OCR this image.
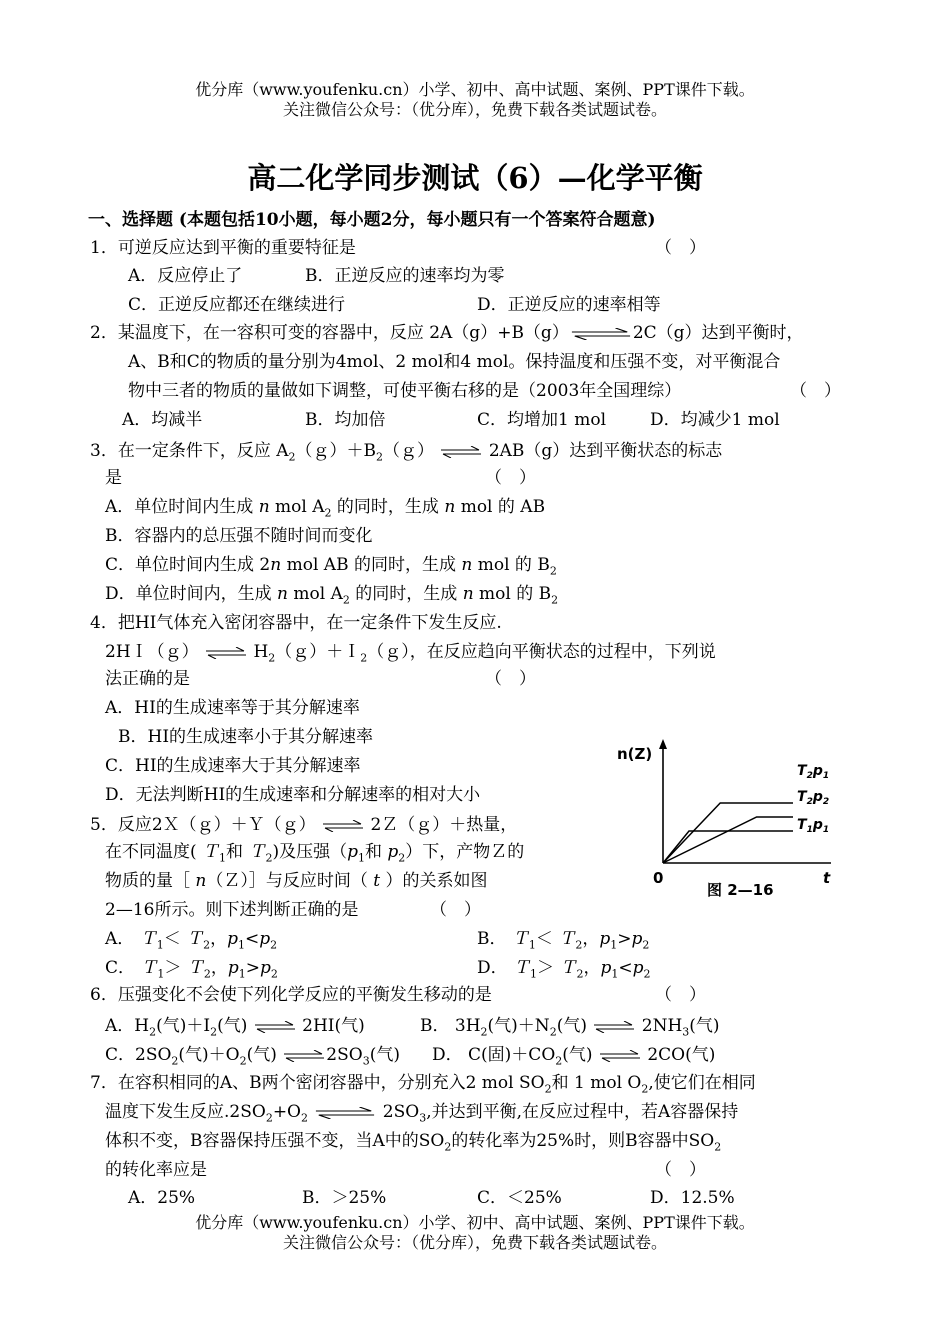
优分库（www.youfenku.cn）小学、初中、高中试题、案例、PPT课件下载。
关注微信公众号：（优分库），免费下载各类试题试卷。
高二化学同步测试（6）—化学平衡
一、选择题 (本题包括10小题，每小题2分，每小题只有一个答案符合题意)
1．可逆反应达到平衡的重要特征是	（　）
A．反应停止了	B．正逆反应的速率均为零
C．正逆反应都还在继续进行	D．正逆反应的速率相等
2．某温度下，在一容积可变的容器中，反应 2A（g）+B（g）	2C（g）达到平衡时，
A、B和C的物质的量分别为4mol、2 mol和4 mol。保持温度和压强不变，对平衡混合
物中三者的物质的量做如下调整，可使平衡右移的是（2003年全国理综）	（　）
A．均减半	B．均加倍	C．均增加1 mol	D．均减少1 mol
3．在一定条件下，反应 $A_2(g)+B_2(g)$	2AB（g）达到平衡状态的标志
是	（　）
A．单位时间内生成 n mol $A_2$ 的同时，生成 n mol 的 AB
B．容器内的总压强不随时间而变化
C．单位时间内生成 2n mol AB 的同时，生成 n mol 的 $B_2$
D．单位时间内，生成 n mol $A_2$ 的同时，生成 n mol 的 $B_2$
4．把HI气体充入密闭容器中，在一定条件下发生反应.
2HＩ（ｇ）	$H_2(g)+I_2(g)$，在反应趋向平衡状态的过程中，下列说
法正确的是	（　）
A．HI的生成速率等于其分解速率
B．HI的生成速率小于其分解速率
C．HI的生成速率大于其分解速率
D．无法判断HI的生成速率和分解速率的相对大小
n(Z)
0	t
$T_2p_1$
$T_2p_2$
$T_1p_1$
图 2—16
5．反应2Ｘ（ｇ）＋Ｙ（ｇ）	2Ｚ（ｇ）＋热量，
在不同温度( Ｔ$_1$和 Ｔ$_2$)及压强（$p_1$和 $p_2$）下，产物Ｚ的
物质的量［ n（Ｚ）］与反应时间（ t ）的关系如图
2—16所示。则下述判断正确的是	（　）
A． Ｔ$_1$＜ Ｔ$_2$，$p_1<p_2$	B． Ｔ$_1$＜ Ｔ$_2$，$p_1>p_2$
C． Ｔ$_1$＞ Ｔ$_2$，$p_1>p_2$	D． Ｔ$_1$＞ Ｔ$_2$，$p_1<p_2$
6．压强变化不会使下列化学反应的平衡发生移动的是	（　）
A．$H_2$(气)$+I_2$(气)	2HI(气)	B． $3H_2$(气)$+N_2$(气)	$2NH_3$(气)
C．$2SO_2$(气)$+O_2$(气)	$2SO_3$(气) D． C(固)$+CO_2$(气)	2CO(气)
7．在容积相同的A、B两个密闭容器中，分别充入2 mol $SO_2$和 1 mol $O_2$,使它们在相同
温度下发生反应$.2SO_2+O_2$	$2SO_3$,并达到平衡,在反应过程中，若A容器保持
体积不变，B容器保持压强不变，当A中的$SO_2$的转化率为25%时，则B容器中$SO_2$
的转化率应是	（　）
A．25%	B．＞25%	C．＜25%	D．12.5%
优分库（www.youfenku.cn）小学、初中、高中试题、案例、PPT课件下载。
关注微信公众号：（优分库），免费下载各类试题试卷。
